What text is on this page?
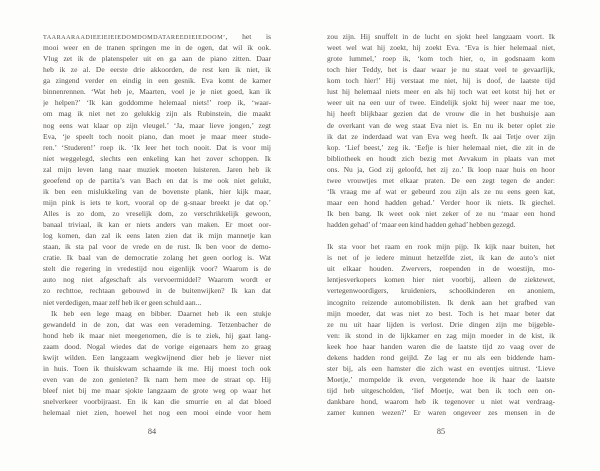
TAARAARAADIEEIEIEIEDOMDOMDATAREEDIEIEDOOM’, het is
mooi weer en de tranen springen me in de ogen, dat wil ik ook.
Vlug zet ik de platenspeler uit en ga aan de piano zitten. Daar
heb ik ze al. De eerste drie akkoorden, de rest ken ik niet, ik
ga zingend verder en eindig in een gesnik. Eva komt de kamer
binnenrennen. ‘Wat heb je, Maarten, voel je je niet goed, kan ik
je helpen?’ ‘Ik kan goddomme helemaal niets!’ roep ik, ‘waar-
om mag ik niet net zo gelukkig zijn als Rubinstein, die maakt
nog eens wat klaar op zijn vleugel.’ ‘Ja, maar lieve jongen,’ zegt
Eva, ‘je speelt toch nooit piano, dan moet je maar meer stude-
ren.’ ‘Studeren!’ roep ik. ‘Ik leer het toch nooit. Dat is voor mij
niet weggelegd, slechts een enkeling kan het zover schoppen. Ik
zal mijn leven lang naar muziek moeten luisteren. Jaren heb ik
geoefend op de partita’s van Bach en dat is me ook niet gelukt,
ik ben een mislukkeling van de bovenste plank, hier kijk maar,
mijn pink is iets te kort, vooral op de g-snaar breekt je dat op.’
Alles is zo dom, zo vreselijk dom, zo verschrikkelijk gewoon,
banaal triviaal, ik kan er niets anders van maken. Er moet oor-
log komen, dan zal ik eens laten zien dat ik mijn mannetje kan
staan, ik sta pal voor de vrede en de rust. Ik ben voor de demo-
cratie. Ik baal van de democratie zolang het geen oorlog is. Wat
stelt die regering in vredestijd nou eigenlijk voor? Waarom is de
auto nog niet afgeschaft als vervoermiddel? Waarom wordt er
zo rechttoe, rechtaan gebouwd in de buitenwijken? Ik kan dat
niet verdedigen, maar zelf heb ik er geen schuld aan...
Ik heb een lege maag en bibber. Daarnet heb ik een stukje
gewandeld in de zon, dat was een verademing. Tetzenbacher de
hond heb ik maar niet meegenomen, die is te ziek, hij gaat lang-
zaam dood. Nogal wiedes dat de vorige eigenaars hem zo graag
kwijt wilden. Een langzaam wegkwijnend dier heb je liever niet
in huis. Toen ik thuiskwam schaamde ik me. Hij moest toch ook
even van de zon genieten? Ik nam hem mee de straat op. Hij
bleef niet bij me maar sjokte langzaam de grote weg op waar het
snelverkeer voorbijraast. En ik kan die smurrie en al dat bloed
helemaal niet zien, hoewel het nog een mooi einde voor hem
zou zijn. Hij snuffelt in de lucht en sjokt heel langzaam voort. Ik
weet wel wat hij zoekt, hij zoekt Eva. ‘Eva is hier helemaal niet,
grote lummel,’ roep ik, ‘kom toch hier, o, in godsnaam kom
toch hier Teddy, het is daar waar je nu staat veel te gevaarlijk,
kom toch hier!’ Hij verstaat me niet, hij is doof, de laatste tijd
lust hij helemaal niets meer en als hij toch wat eet kotst hij het er
weer uit na een uur of twee. Eindelijk sjokt hij weer naar me toe,
hij heeft blijkbaar gezien dat de vrouw die in het bushuisje aan
de overkant van de weg staat Eva niet is. En nu ik beter oplet zie
ik dat ze inderdaad wat van Eva weg heeft. Ik aai Tetje over zijn
kop. ‘Lief beest,’ zeg ik. ‘Eefje is hier helemaal niet, die zit in de
bibliotheek en houdt zich bezig met Avvakum in plaats van met
ons. Nu ja, God zij geloofd, het zij zo.’ Ik loop naar huis en hoor
twee vrouwtjes met elkaar praten. De een zegt tegen de ander:
‘Ik vraag me af wat er gebeurd zou zijn als ze nu eens geen kat,
maar een hond hadden gehad.’ Verder hoor ik niets. Ik giechel.
Ik ben bang. Ik weet ook niet zeker of ze nu ‘maar een hond
hadden gehad’ of ‘maar een kind hadden gehad’ hebben gezegd.
Ik sta voor het raam en rook mijn pijp. Ik kijk naar buiten, het
is net of je iedere minuut hetzelfde ziet, ik kan de auto’s niet
uit elkaar houden. Zwervers, roependen in de woestijn, mo-
lentjesverkopers komen hier niet voorbij, alleen de ziektewet,
vertegenwoordigers, kruideniers, schoolkinderen en anoniem,
incognito reizende automobilisten. Ik denk aan het grafbed van
mijn moeder, dat was niet zo best. Toch is het maar beter dat
ze nu uit haar lijden is verlost. Drie dingen zijn me bijgeble-
ven: ik stond in de lijkkamer en zag mijn moeder in de kist, ik
keek hoe haar handen waren die de laatste tijd zo vaag over de
dekens hadden rond geijld. Ze lag er nu als een biddende ham-
ster bij, als een hamster die zich wast en eventjes uitrust. ‘Lieve
Moetje,’ mompelde ik even, vergetende hoe ik haar de laatste
tijd heb uitgescholden, ‘lief Moetje, wat ben ik toch een on-
dankbare hond, waarom heb ik tegenover u niet wat verdraag-
zamer kunnen wezen?’ Er waren ongeveer zes mensen in de
84	85
